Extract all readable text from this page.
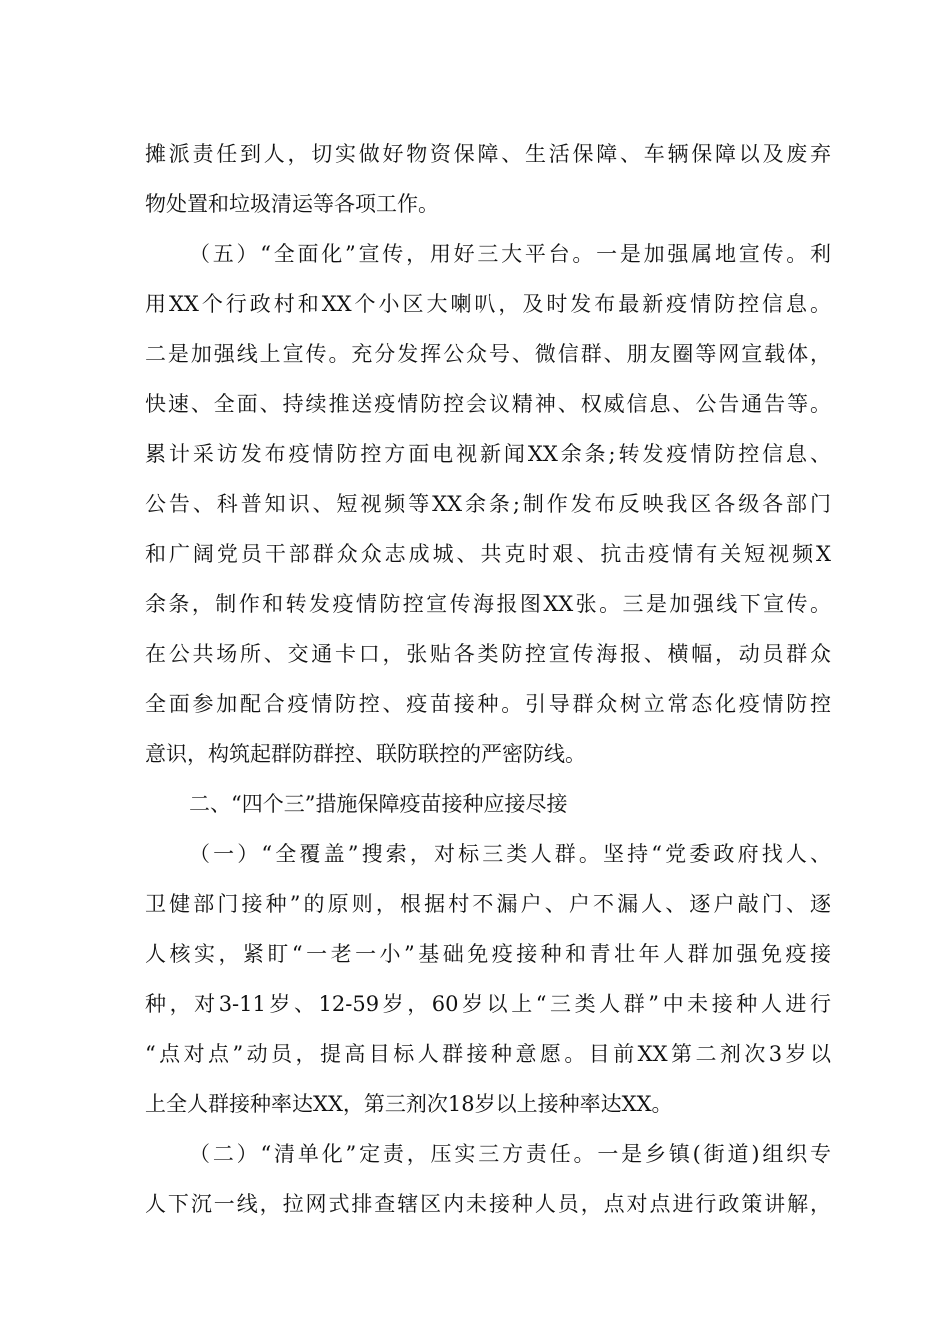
摊派责任到人，切实做好物资保障、生活保障、车辆保障以及废弃
物处置和垃圾清运等各项工作。
（五）“全面化”宣传，用好三大平台。一是加强属地宣传。利
用XX个行政村和XX个小区大喇叭，及时发布最新疫情防控信息。
二是加强线上宣传。充分发挥公众号、微信群、朋友圈等网宣载体，
快速、全面、持续推送疫情防控会议精神、权威信息、公告通告等。
累计采访发布疫情防控方面电视新闻XX余条;转发疫情防控信息、
公告、科普知识、短视频等XX余条;制作发布反映我区各级各部门
和广阔党员干部群众众志成城、共克时艰、抗击疫情有关短视频X
余条，制作和转发疫情防控宣传海报图XX张。三是加强线下宣传。
在公共场所、交通卡口，张贴各类防控宣传海报、横幅，动员群众
全面参加配合疫情防控、疫苗接种。引导群众树立常态化疫情防控
意识，构筑起群防群控、联防联控的严密防线。
二、“四个三”措施保障疫苗接种应接尽接
（一）“全覆盖”搜索，对标三类人群。坚持“党委政府找人、
卫健部门接种”的原则，根据村不漏户、户不漏人、逐户敲门、逐
人核实，紧盯“一老一小”基础免疫接种和青壮年人群加强免疫接
种，对3-11岁、12-59岁，60岁以上“三类人群”中未接种人进行
“点对点”动员，提高目标人群接种意愿。目前XX第二剂次3岁以
上全人群接种率达XX，第三剂次18岁以上接种率达XX。
（二）“清单化”定责，压实三方责任。一是乡镇(街道)组织专
人下沉一线，拉网式排查辖区内未接种人员，点对点进行政策讲解，
